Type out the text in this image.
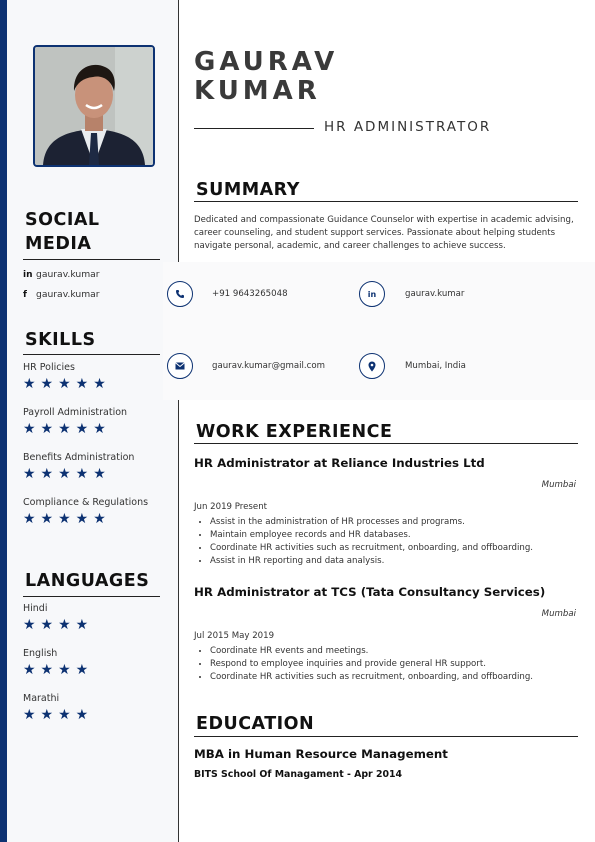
GAURAV
KUMAR
HR ADMINISTRATOR
SUMMARY
Dedicated and compassionate Guidance Counselor with expertise in academic advising, career counseling, and student support services. Passionate about helping students navigate personal, academic, and career challenges to achieve success.
SOCIAL
MEDIA
in gaurav.kumar
f gaurav.kumar
SKILLS
HR Policies
★★★★★
Payroll Administration
★★★★★
Benefits Administration
★★★★★
Compliance & Regulations
★★★★★
LANGUAGES
Hindi
★★★★
English
★★★★
Marathi
★★★★
+91 9643265048	in	gaurav.kumar
gaurav.kumar@gmail.com	Mumbai, India
WORK EXPERIENCE
HR Administrator at Reliance Industries Ltd
Mumbai
Jun 2019 Present
• Assist in the administration of HR processes and programs.
• Maintain employee records and HR databases.
• Coordinate HR activities such as recruitment, onboarding, and offboarding.
• Assist in HR reporting and data analysis.
HR Administrator at TCS (Tata Consultancy Services)
Mumbai
Jul 2015 May 2019
• Coordinate HR events and meetings.
• Respond to employee inquiries and provide general HR support.
• Coordinate HR activities such as recruitment, onboarding, and offboarding.
EDUCATION
MBA in Human Resource Management
BITS School Of Managament - Apr 2014
